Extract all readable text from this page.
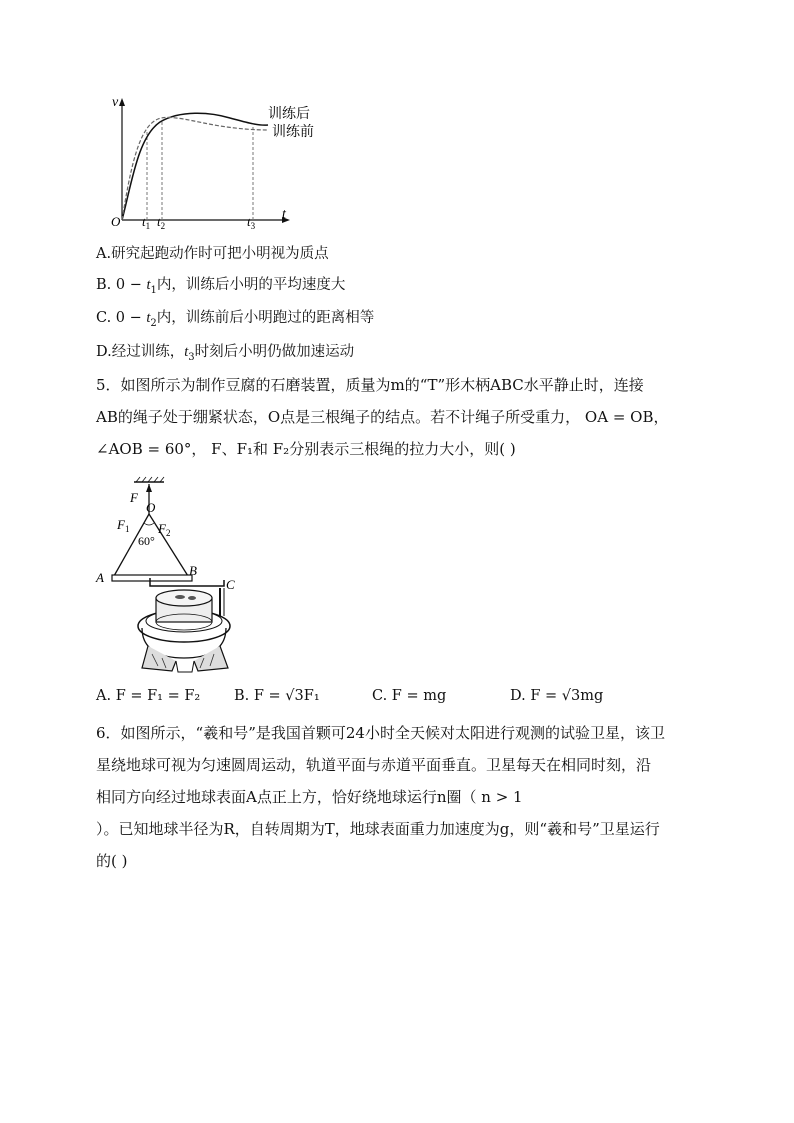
v
t
O $t_1$ $t_2$	$t_3$
训练后
训练前
A.研究起跑动作时可把小明视为质点
B. $0 - t_1$内，训练后小明的平均速度大
C. $0 - t_2$内，训练前后小明跑过的距离相等
D.经过训练，$t_3$时刻后小明仍做加速运动
5．如图所示为制作豆腐的石磨装置，质量为m的“T”形木柄ABC水平静止时，连接
AB的绳子处于绷紧状态，O点是三根绳子的结点。若不计绳子所受重力， OA = OB，
∠AOB = 60°， F、F₁和 F₂分别表示三根绳的拉力大小，则( )
F
O
$F_1$ $F_2$
60°
A	B
C
A. F = F₁ = F₂ B. F = √3F₁	C. F = mg	D. F = √3mg
6．如图所示，“羲和号”是我国首颗可24小时全天候对太阳进行观测的试验卫星，该卫
星绕地球可视为匀速圆周运动，轨道平面与赤道平面垂直。卫星每天在相同时刻，沿
相同方向经过地球表面A点正上方，恰好绕地球运行n圈（ n > 1
）。已知地球半径为R，自转周期为T，地球表面重力加速度为g，则“羲和号”卫星运行
的( )
